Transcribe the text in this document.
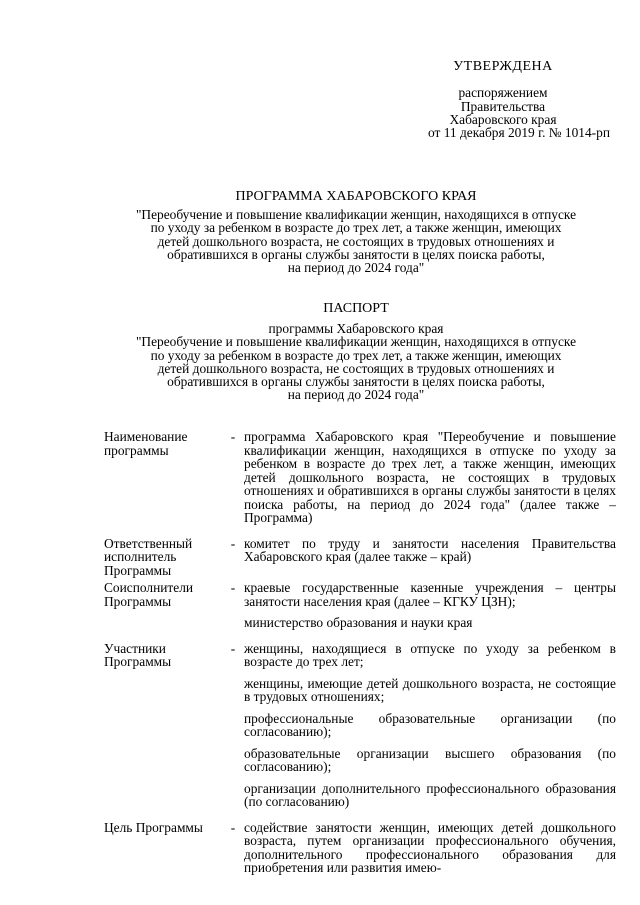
УТВЕРЖДЕНА
распоряжением
Правительства
Хабаровского края
от 11 декабря 2019 г. № 1014-рп
ПРОГРАММА ХАБАРОВСКОГО КРАЯ
"Переобучение и повышение квалификации женщин, находящихся в отпуске
по уходу за ребенком в возрасте до трех лет, а также женщин, имеющих
детей дошкольного возраста, не состоящих в трудовых отношениях и
обратившихся в органы службы занятости в целях поиска работы,
на период до 2024 года"
ПАСПОРТ
программы Хабаровского края
"Переобучение и повышение квалификации женщин, находящихся в отпуске
по уходу за ребенком в возрасте до трех лет, а также женщин, имеющих
детей дошкольного возраста, не состоящих в трудовых отношениях и
обратившихся в органы службы занятости в целях поиска работы,
на период до 2024 года"
Наименование программы	-	программа Хабаровского края "Переобучение и повышение квалификации женщин, находящихся в отпуске по уходу за ребенком в возрасте до трех лет, а также женщин, имеющих детей дошкольного возраста, не состоящих в трудовых отношениях и обратившихся в органы службы занятости в целях поиска работы, на период до 2024 года" (далее также – Программа)

Ответственный исполнитель Программы	-	комитет по труду и занятости населения Правительства Хабаровского края (далее также – край)

Соисполнители Программы	-	краевые государственные казенные учреждения – центры занятости населения края (далее – КГКУ ЦЗН);
министерство образования и науки края

Участники Программы	-	женщины, находящиеся в отпуске по уходу за ребенком в возрасте до трех лет;
женщины, имеющие детей дошкольного возраста, не состоящие в трудовых отношениях;
профессиональные образовательные организации (по согласованию);
образовательные организации высшего образования (по согласованию);
организации дополнительного профессионального образования (по согласованию)

Цель Программы	-	содействие занятости женщин, имеющих детей дошкольного возраста, путем организации профессионального обучения, дополнительного профессионального образования для приобретения или развития имею-
